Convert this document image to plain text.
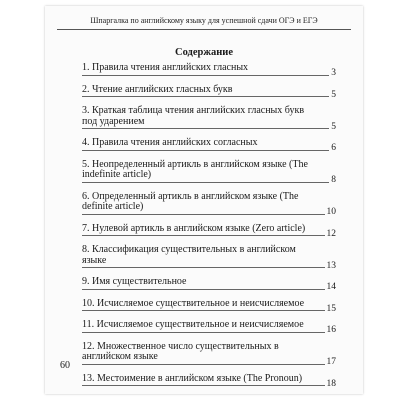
Шпаргалка по английскому языку для успешной сдачи ОГЭ и ЕГЭ
Содержание
1. Правила чтения английских гласных	3
2. Чтение английских гласных букв	5
3. Краткая таблица чтения английских гласных букв под ударением	5
4. Правила чтения английских согласных	6
5. Неопределенный артикль в английском языке (The indefinite article)	8
6. Определенный артикль в английском языке (The definite article)	10
7. Нулевой артикль в английском языке (Zero article)	12
8. Классификация существительных в английском языке	13
9. Имя существительное	14
10. Исчисляемое существительное и неисчисляемое	15
11. Исчисляемое существительное и неисчисляемое	16
12. Множественное число существительных в английском языке	17
13. Местоимение в английском языке (The Pronoun)	18
60
